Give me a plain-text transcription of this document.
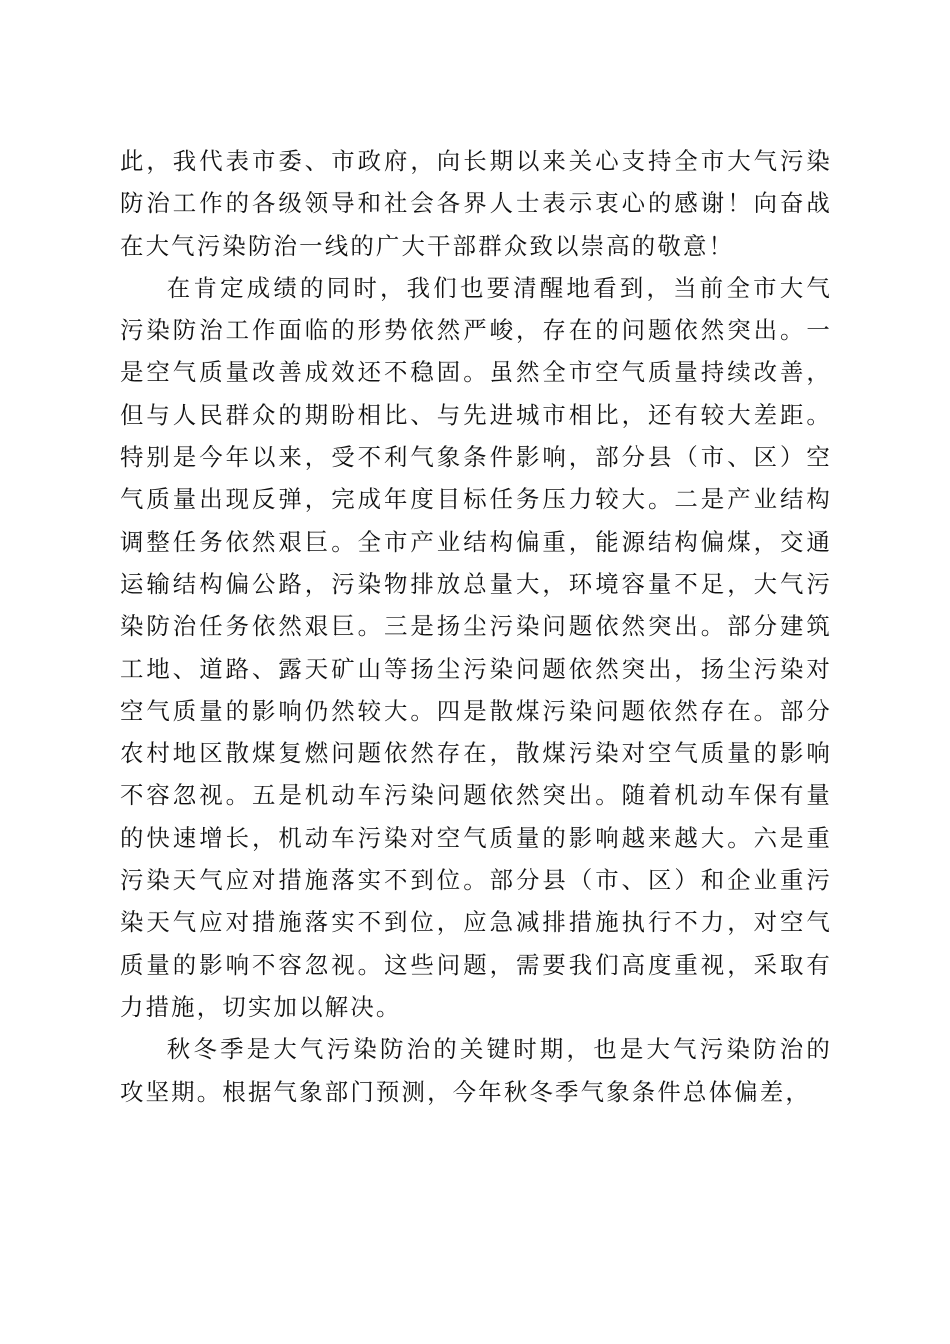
此，我代表市委、市政府，向长期以来关心支持全市大气污染防治工作的各级领导和社会各界人士表示衷心的感谢！向奋战在大气污染防治一线的广大干部群众致以崇高的敬意！

在肯定成绩的同时，我们也要清醒地看到，当前全市大气污染防治工作面临的形势依然严峻，存在的问题依然突出。一是空气质量改善成效还不稳固。虽然全市空气质量持续改善，但与人民群众的期盼相比、与先进城市相比，还有较大差距。特别是今年以来，受不利气象条件影响，部分县（市、区）空气质量出现反弹，完成年度目标任务压力较大。二是产业结构调整任务依然艰巨。全市产业结构偏重，能源结构偏煤，交通运输结构偏公路，污染物排放总量大，环境容量不足，大气污染防治任务依然艰巨。三是扬尘污染问题依然突出。部分建筑工地、道路、露天矿山等扬尘污染问题依然突出，扬尘污染对空气质量的影响仍然较大。四是散煤污染问题依然存在。部分农村地区散煤复燃问题依然存在，散煤污染对空气质量的影响不容忽视。五是机动车污染问题依然突出。随着机动车保有量的快速增长，机动车污染对空气质量的影响越来越大。六是重污染天气应对措施落实不到位。部分县（市、区）和企业重污染天气应对措施落实不到位，应急减排措施执行不力，对空气质量的影响不容忽视。这些问题，需要我们高度重视，采取有力措施，切实加以解决。

秋冬季是大气污染防治的关键时期，也是大气污染防治的攻坚期。根据气象部门预测，今年秋冬季气象条件总体偏差，
